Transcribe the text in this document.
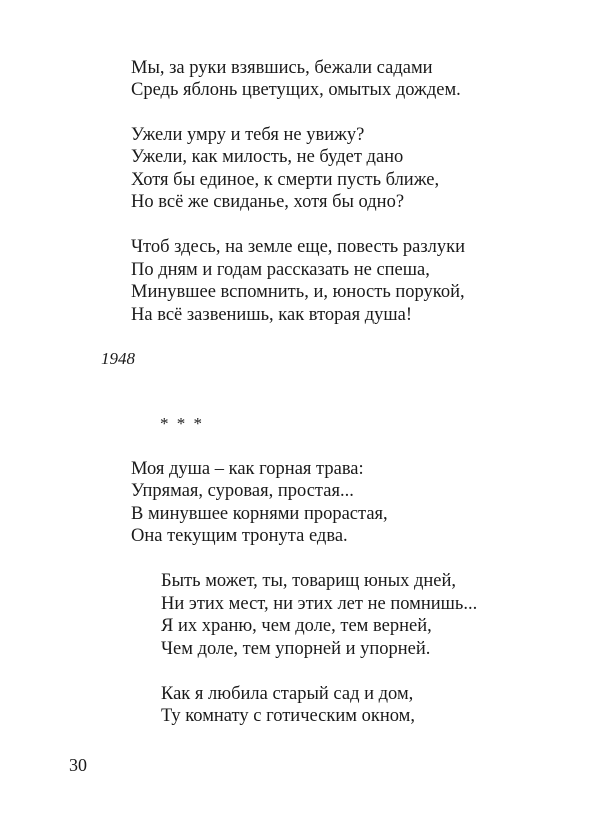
Мы, за руки взявшись, бежали садами
Средь яблонь цветущих, омытых дождем.
Ужели умру и тебя не увижу?
Ужели, как милость, не будет дано
Хотя бы единое, к смерти пусть ближе,
Но всё же свиданье, хотя бы одно?
Чтоб здесь, на земле еще, повесть разлуки
По дням и годам рассказать не спеша,
Минувшее вспомнить, и, юность порукой,
На всё зазвенишь, как вторая душа!
1948
* * *
Моя душа – как горная трава:
Упрямая, суровая, простая...
В минувшее корнями прорастая,
Она текущим тронута едва.
Быть может, ты, товарищ юных дней,
Ни этих мест, ни этих лет не помнишь...
Я их храню, чем доле, тем верней,
Чем доле, тем упорней и упорней.
Как я любила старый сад и дом,
Ту комнату с готическим окном,
30
